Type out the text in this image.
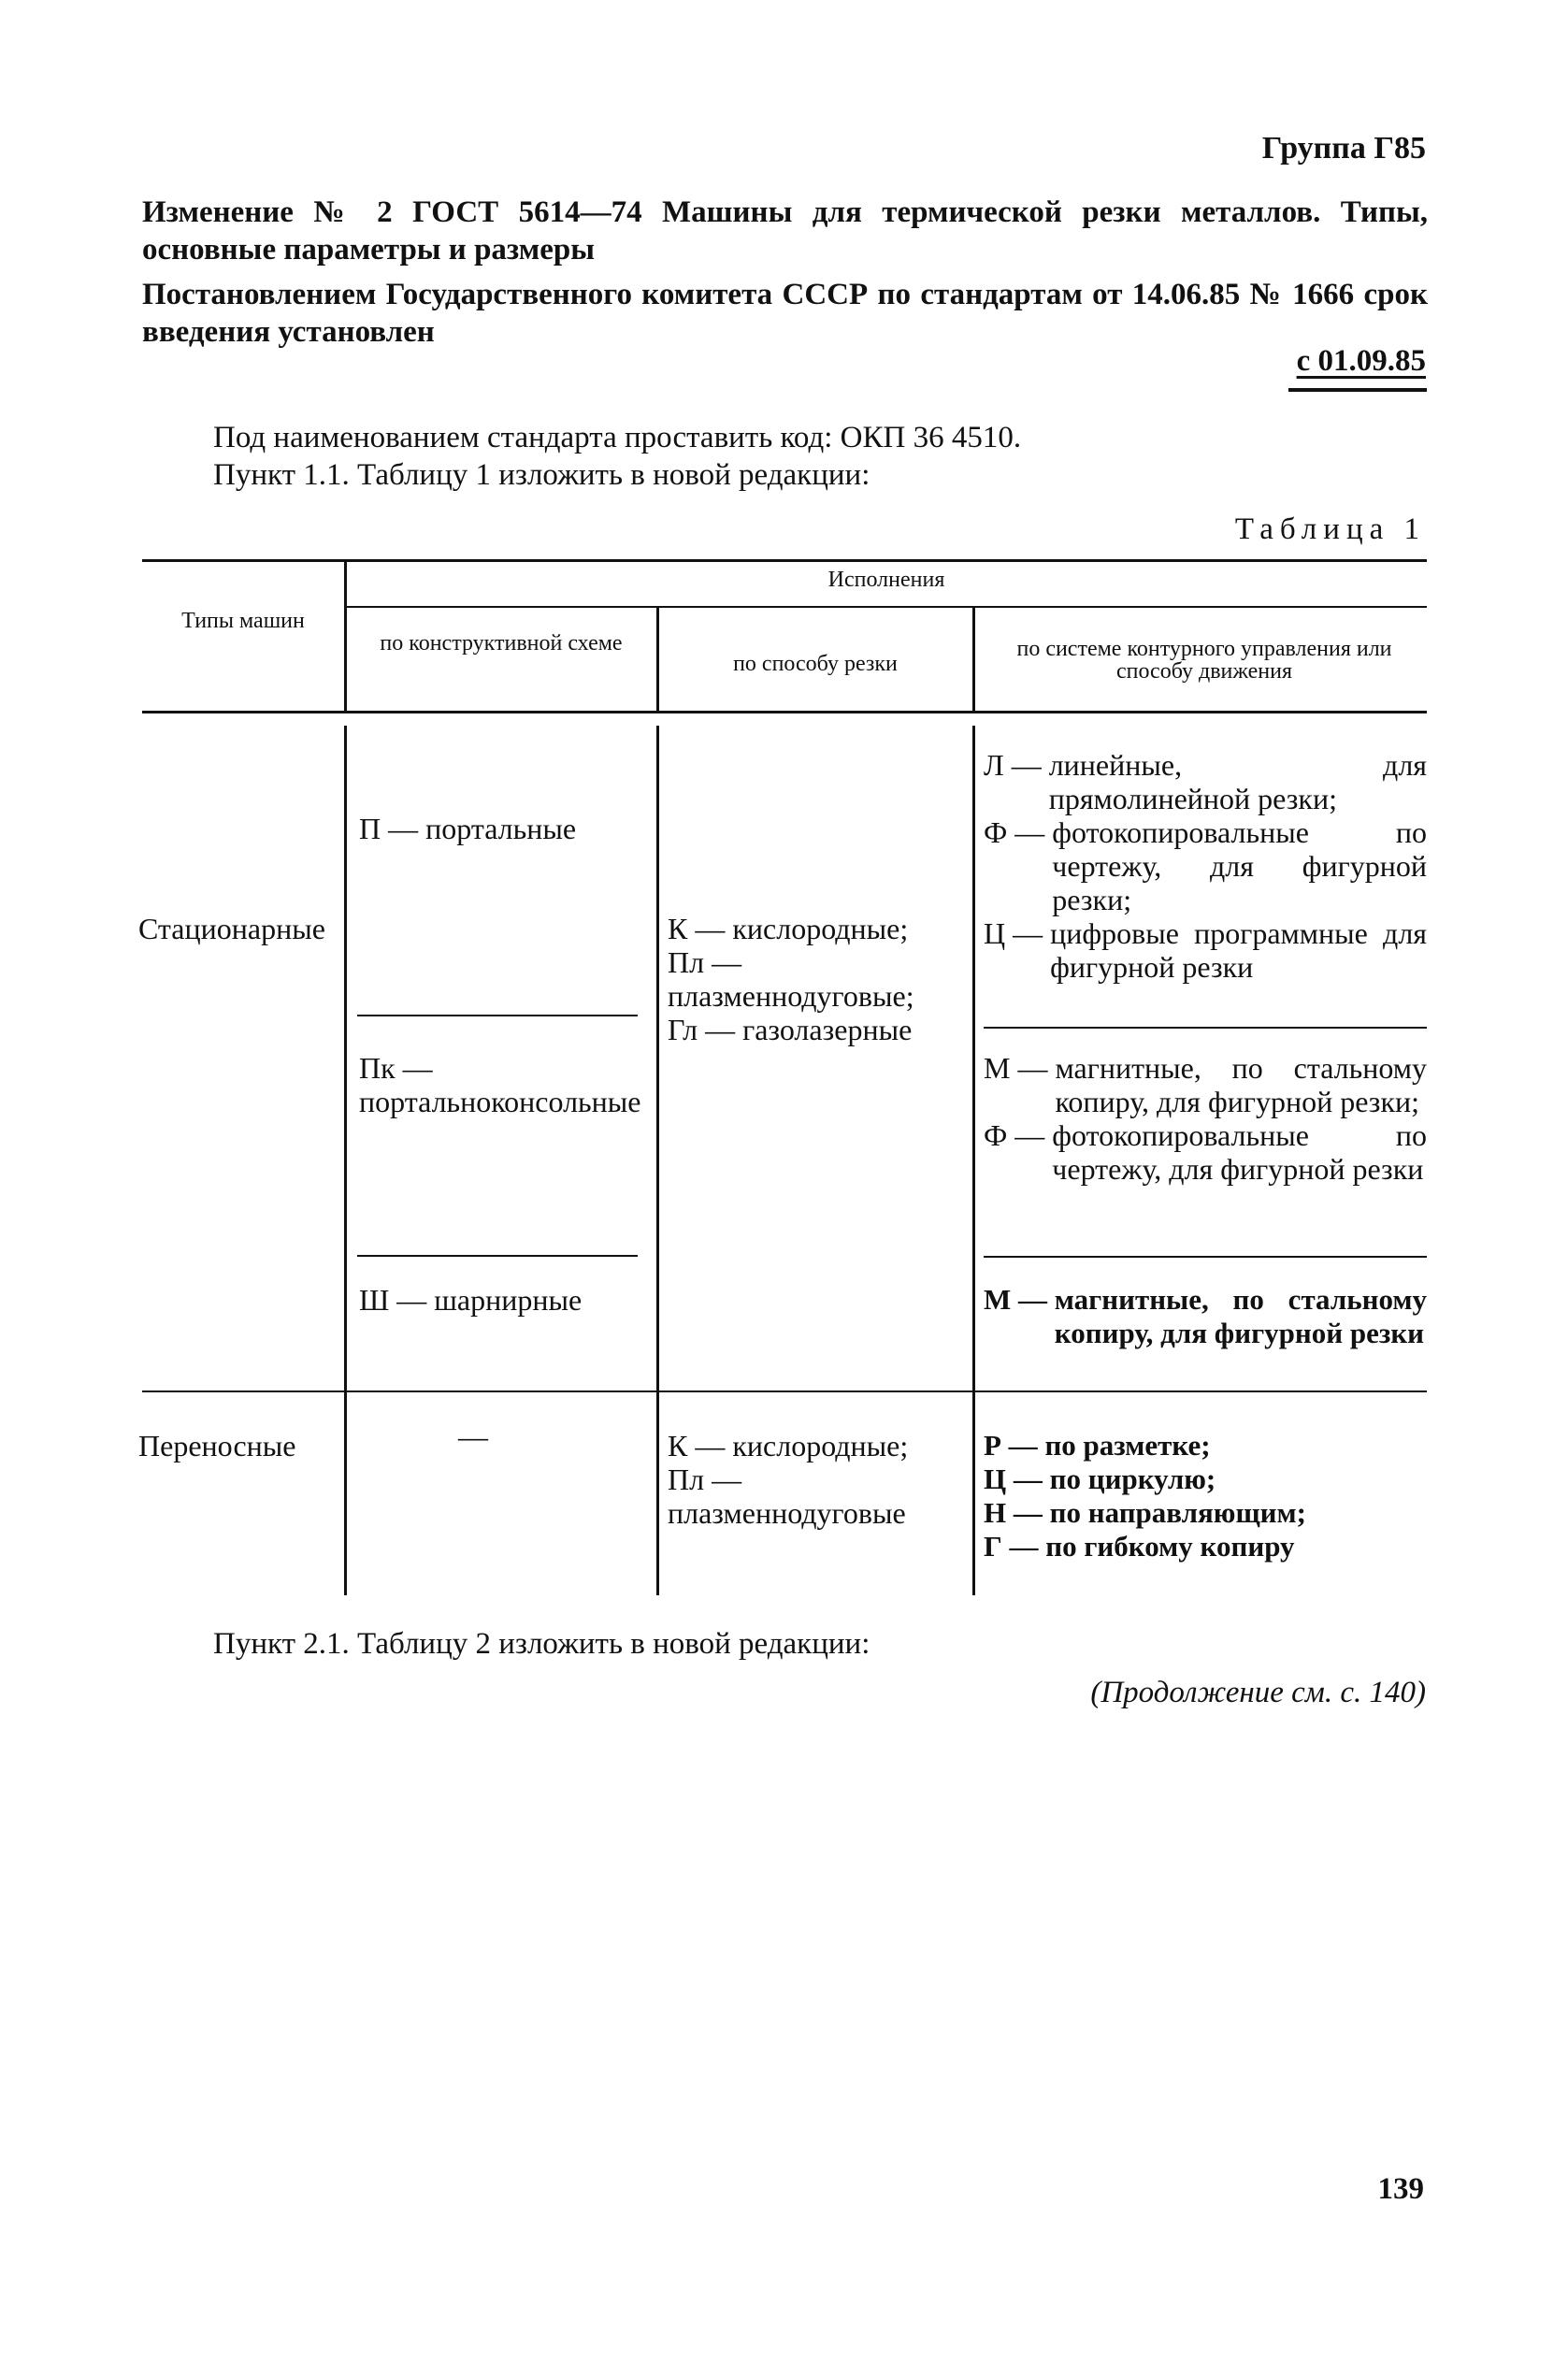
Группа Г85
Изменение № 2 ГОСТ 5614—74 Машины для термической резки металлов. Типы, основные параметры и размеры
Постановлением Государственного комитета СССР по стандартам от 14.06.85 № 1666 срок введения установлен
с 01.09.85
Под наименованием стандарта проставить код: ОКП 36 4510.
Пункт 1.1. Таблицу 1 изложить в новой редакции:
Таблица 1
Типы машин
Исполнения
по конструктивной схеме
по способу резки
по системе контурного управления или способу движения
Стационарные
Переносные
П — портальные
Пк — портальноконсольные
Ш — шарнирные
—
К — кислородные;
Пл — плазменнодуговые;
Гл — газолазерные
К — кислородные;
Пл — плазменнодуговые
Л —
линейные, для прямолинейной резки;
Ф —
фотокопировальные по чертежу, для фигурной резки;
Ц —
цифровые программные для фигурной резки
М —
магнитные, по стальному копиру, для фигурной резки;
Ф —
фотокопировальные по чертежу, для фигурной резки
М —
магнитные, по стальному копиру, для фигурной резки
Р — по разметке;
Ц — по циркулю;
Н — по направляющим;
Г — по гибкому копиру
Пункт 2.1. Таблицу 2 изложить в новой редакции:
(Продолжение см. с. 140)
139
